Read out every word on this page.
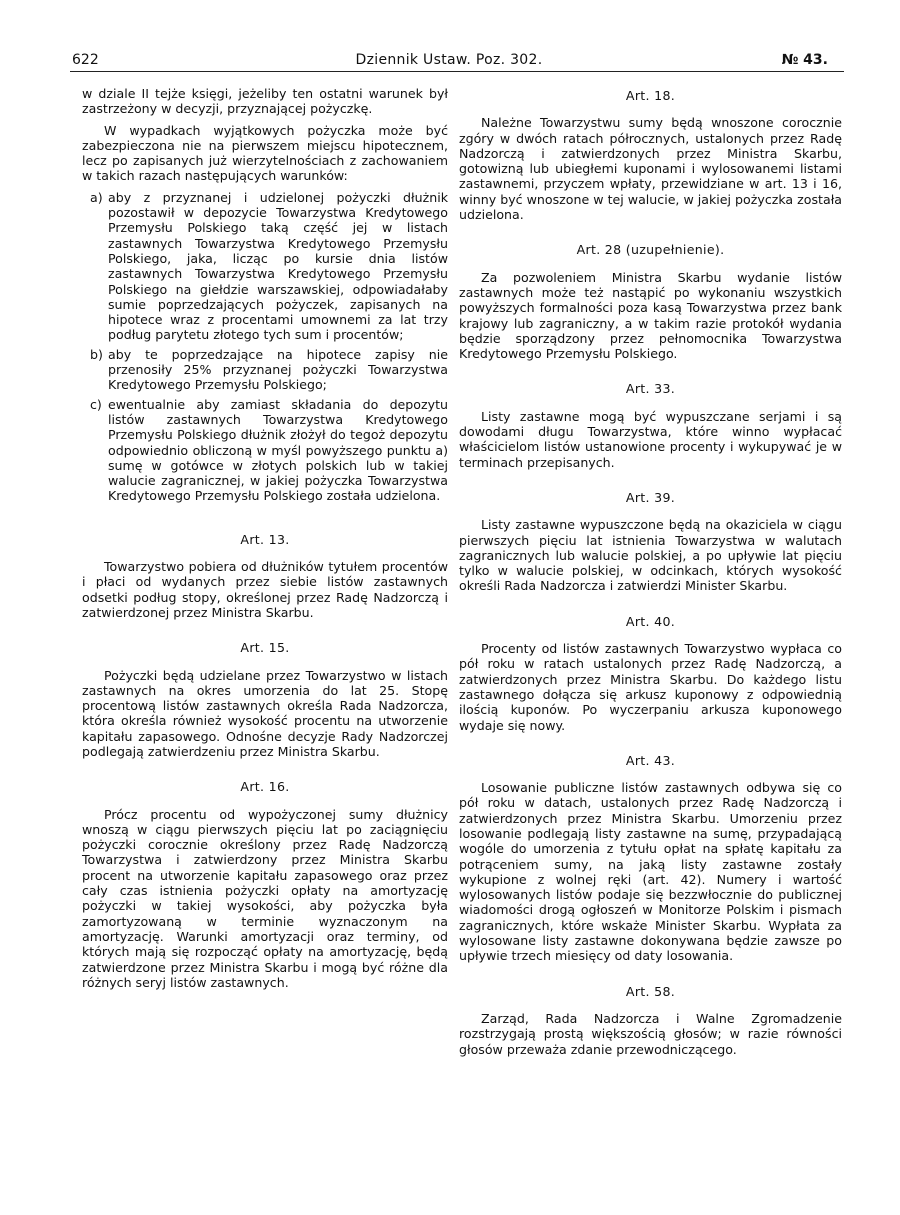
622	Dziennik Ustaw. Poz. 302.	№ 43.

w dziale II tejże księgi, jeżeliby ten ostatni warunek był zastrzeżony w decyzji, przyznającej pożyczkę.

W wypadkach wyjątkowych pożyczka może być zabezpieczona nie na pierwszem miejscu hipotecznem, lecz po zapisanych już wierzytelnościach z zachowaniem w takich razach następujących warunków:

a) aby z przyznanej i udzielonej pożyczki dłużnik pozostawił w depozycie Towarzystwa Kredytowego Przemysłu Polskiego taką część jej w listach zastawnych Towarzystwa Kredytowego Przemysłu Polskiego, jaka, licząc po kursie dnia listów zastawnych Towarzystwa Kredytowego Przemysłu Polskiego na giełdzie warszawskiej, odpowiadałaby sumie poprzedzających pożyczek, zapisanych na hipotece wraz z procentami umownemi za lat trzy podług parytetu złotego tych sum i procentów;
b) aby te poprzedzające na hipotece zapisy nie przenosiły 25% przyznanej pożyczki Towarzystwa Kredytowego Przemysłu Polskiego;
c) ewentualnie aby zamiast składania do depozytu listów zastawnych Towarzystwa Kredytowego Przemysłu Polskiego dłużnik złożył do tegoż depozytu odpowiednio obliczoną w myśl powyższego punktu a) sumę w gotówce w złotych polskich lub w takiej walucie zagranicznej, w jakiej pożyczka Towarzystwa Kredytowego Przemysłu Polskiego została udzielona.
Art. 13.

Towarzystwo pobiera od dłużników tytułem procentów i płaci od wydanych przez siebie listów zastawnych odsetki podług stopy, określonej przez Radę Nadzorczą i zatwierdzonej przez Ministra Skarbu.

Art. 15.

Pożyczki będą udzielane przez Towarzystwo w listach zastawnych na okres umorzenia do lat 25. Stopę procentową listów zastawnych określa Rada Nadzorcza, która określa również wysokość procentu na utworzenie kapitału zapasowego. Odnośne decyzje Rady Nadzorczej podlegają zatwierdzeniu przez Ministra Skarbu.

Art. 16.

Prócz procentu od wypożyczonej sumy dłużnicy wnoszą w ciągu pierwszych pięciu lat po zaciągnięciu pożyczki corocznie określony przez Radę Nadzorczą Towarzystwa i zatwierdzony przez Ministra Skarbu procent na utworzenie kapitału zapasowego oraz przez cały czas istnienia pożyczki opłaty na amortyzację pożyczki w takiej wysokości, aby pożyczka była zamortyzowaną w terminie wyznaczonym na amortyzację. Warunki amortyzacji oraz terminy, od których mają się rozpocząć opłaty na amortyzację, będą zatwierdzone przez Ministra Skarbu i mogą być różne dla różnych seryj listów zastawnych.

Art. 18.

Należne Towarzystwu sumy będą wnoszone corocznie zgóry w dwóch ratach półrocznych, ustalonych przez Radę Nadzorczą i zatwierdzonych przez Ministra Skarbu, gotowizną lub ubiegłemi kuponami i wylosowanemi listami zastawnemi, przyczem wpłaty, przewidziane w art. 13 i 16, winny być wnoszone w tej walucie, w jakiej pożyczka została udzielona.

Art. 28 (uzupełnienie).

Za pozwoleniem Ministra Skarbu wydanie listów zastawnych może też nastąpić po wykonaniu wszystkich powyższych formalności poza kasą Towarzystwa przez bank krajowy lub zagraniczny, a w takim razie protokół wydania będzie sporządzony przez pełnomocnika Towarzystwa Kredytowego Przemysłu Polskiego.

Art. 33.

Listy zastawne mogą być wypuszczane serjami i są dowodami długu Towarzystwa, które winno wypłacać właścicielom listów ustanowione procenty i wykupywać je w terminach przepisanych.

Art. 39.

Listy zastawne wypuszczone będą na okaziciela w ciągu pierwszych pięciu lat istnienia Towarzystwa w walutach zagranicznych lub walucie polskiej, a po upływie lat pięciu tylko w walucie polskiej, w odcinkach, których wysokość określi Rada Nadzorcza i zatwierdzi Minister Skarbu.

Art. 40.

Procenty od listów zastawnych Towarzystwo wypłaca co pół roku w ratach ustalonych przez Radę Nadzorczą, a zatwierdzonych przez Ministra Skarbu. Do każdego listu zastawnego dołącza się arkusz kuponowy z odpowiednią ilością kuponów. Po wyczerpaniu arkusza kuponowego wydaje się nowy.

Art. 43.

Losowanie publiczne listów zastawnych odbywa się co pół roku w datach, ustalonych przez Radę Nadzorczą i zatwierdzonych przez Ministra Skarbu. Umorzeniu przez losowanie podlegają listy zastawne na sumę, przypadającą wogóle do umorzenia z tytułu opłat na spłatę kapitału za potrąceniem sumy, na jaką listy zastawne zostały wykupione z wolnej ręki (art. 42). Numery i wartość wylosowanych listów podaje się bezzwłocznie do publicznej wiadomości drogą ogłoszeń w Monitorze Polskim i pismach zagranicznych, które wskaże Minister Skarbu. Wypłata za wylosowane listy zastawne dokonywana będzie zawsze po upływie trzech miesięcy od daty losowania.

Art. 58.

Zarząd, Rada Nadzorcza i Walne Zgromadzenie rozstrzygają prostą większością głosów; w razie równości głosów przeważa zdanie przewodniczącego.
